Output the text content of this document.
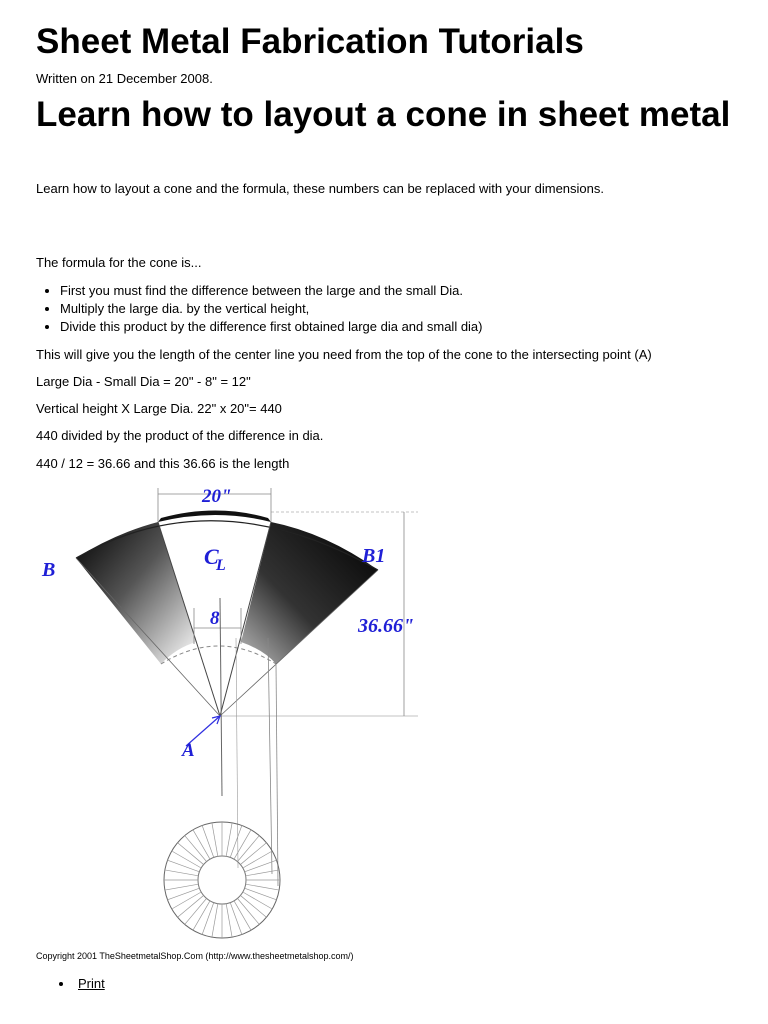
Sheet Metal Fabrication Tutorials
Written on 21 December 2008.
Learn how to layout a cone in sheet metal
Learn how to layout a cone and the formula, these numbers can be replaced with your dimensions.
The formula for the cone is...
• First you must find the difference between the large and the small Dia.
• Multiply the large dia. by the vertical height,
• Divide this product by the difference first obtained large dia and small dia)
This will give you the length of the center line you need from the top of the cone to the intersecting point (A)
Large Dia - Small Dia = 20" - 8" = 12"
Vertical height X Large Dia. 22" x 20"= 440
440 divided by the product of the difference in dia.
440 / 12 = 36.66 and this 36.66 is the length
20"
C
L
8
B
B1
36.66"
A
Copyright 2001 TheSheetmetalShop.Com (http://www.thesheetmetalshop.com/)
• Print
